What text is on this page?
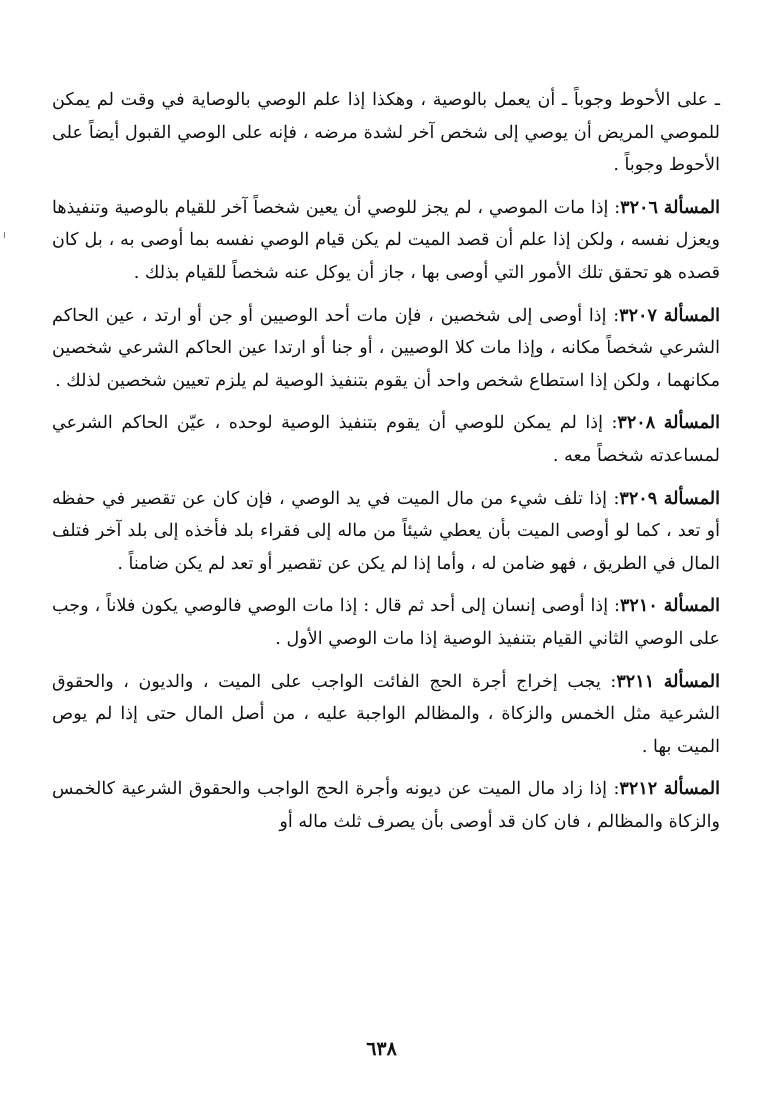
ـ على الأحوط وجوباً ـ أن يعمل بالوصية ، وهكذا إذا علم الوصي بالوصاية في وقت لم يمكن للموصي المريض أن يوصي إلى شخص آخر لشدة مرضه ، فإنه على الوصي القبول أيضاً على الأحوط وجوباً .

المسألة ٣٢٠٦: إذا مات الموصي ، لم يجز للوصي أن يعين شخصاً آخر للقيام بالوصية وتنفيذها ويعزل نفسه ، ولكن إذا علم أن قصد الميت لم يكن قيام الوصي نفسه بما أوصى به ، بل كان قصده هو تحقق تلك الأمور التي أوصى بها ، جاز أن يوكل عنه شخصاً للقيام بذلك .

المسألة ٣٢٠٧: إذا أوصى إلى شخصين ، فإن مات أحد الوصيين أو جن أو ارتد ، عين الحاكم الشرعي شخصاً مكانه ، وإذا مات كلا الوصيين ، أو جنا أو ارتدا عين الحاكم الشرعي شخصين مكانهما ، ولكن إذا استطاع شخص واحد أن يقوم بتنفيذ الوصية لم يلزم تعيين شخصين لذلك .

المسألة ٣٢٠٨: إذا لم يمكن للوصي أن يقوم بتنفيذ الوصية لوحده ، عيّن الحاكم الشرعي لمساعدته شخصاً معه .

المسألة ٣٢٠٩: إذا تلف شيء من مال الميت في يد الوصي ، فإن كان عن تقصير في حفظه أو تعد ، كما لو أوصى الميت بأن يعطي شيئاً من ماله إلى فقراء بلد فأخذه إلى بلد آخر فتلف المال في الطريق ، فهو ضامن له ، وأما إذا لم يكن عن تقصير أو تعد لم يكن ضامناً .

المسألة ٣٢١٠: إذا أوصى إنسان إلى أحد ثم قال : إذا مات الوصي فالوصي يكون فلاناً ، وجب على الوصي الثاني القيام بتنفيذ الوصية إذا مات الوصي الأول .

المسألة ٣٢١١: يجب إخراج أجرة الحج الفائت الواجب على الميت ، والديون ، والحقوق الشرعية مثل الخمس والزكاة ، والمظالم الواجبة عليه ، من أصل المال حتى إذا لم يوص الميت بها .

المسألة ٣٢١٢: إذا زاد مال الميت عن ديونه وأجرة الحج الواجب والحقوق الشرعية كالخمس والزكاة والمظالم ، فان كان قد أوصى بأن يصرف ثلث ماله أو

٦٣٨
